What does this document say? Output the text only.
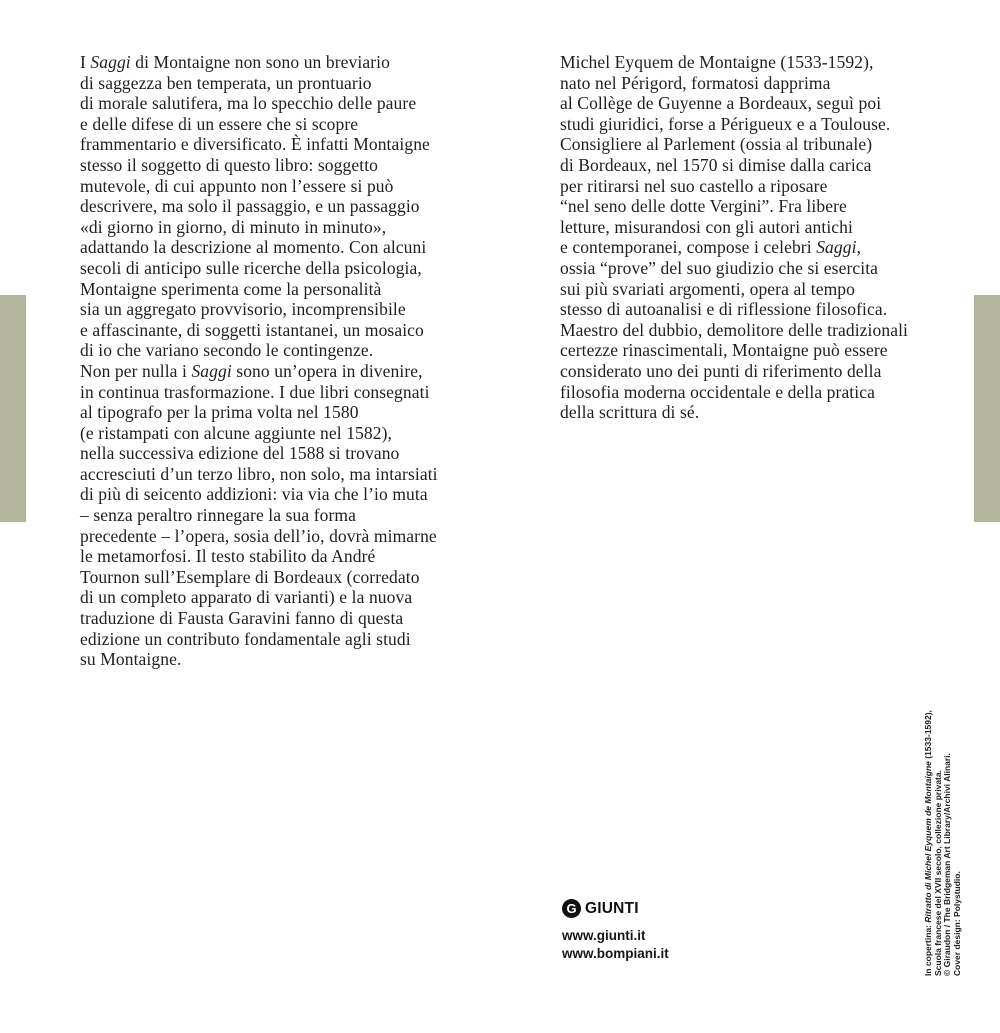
I Saggi di Montaigne non sono un breviario
di saggezza ben temperata, un prontuario
di morale salutifera, ma lo specchio delle paure
e delle difese di un essere che si scopre
frammentario e diversificato. È infatti Montaigne
stesso il soggetto di questo libro: soggetto
mutevole, di cui appunto non l’essere si può
descrivere, ma solo il passaggio, e un passaggio
«di giorno in giorno, di minuto in minuto»,
adattando la descrizione al momento. Con alcuni
secoli di anticipo sulle ricerche della psicologia,
Montaigne sperimenta come la personalità
sia un aggregato provvisorio, incomprensibile
e affascinante, di soggetti istantanei, un mosaico
di io che variano secondo le contingenze.
Non per nulla i Saggi sono un’opera in divenire,
in continua trasformazione. I due libri consegnati
al tipografo per la prima volta nel 1580
(e ristampati con alcune aggiunte nel 1582),
nella successiva edizione del 1588 si trovano
accresciuti d’un terzo libro, non solo, ma intarsiati
di più di seicento addizioni: via via che l’io muta
– senza peraltro rinnegare la sua forma
precedente – l’opera, sosia dell’io, dovrà mimarne
le metamorfosi. Il testo stabilito da André
Tournon sull’Esemplare di Bordeaux (corredato
di un completo apparato di varianti) e la nuova
traduzione di Fausta Garavini fanno di questa
edizione un contributo fondamentale agli studi
su Montaigne.
Michel Eyquem de Montaigne (1533-1592),
nato nel Périgord, formatosi dapprima
al Collège de Guyenne a Bordeaux, seguì poi
studi giuridici, forse a Périgueux e a Toulouse.
Consigliere al Parlement (ossia al tribunale)
di Bordeaux, nel 1570 si dimise dalla carica
per ritirarsi nel suo castello a riposare
“nel seno delle dotte Vergini”. Fra libere
letture, misurandosi con gli autori antichi
e contemporanei, compose i celebri Saggi,
ossia “prove” del suo giudizio che si esercita
sui più svariati argomenti, opera al tempo
stesso di autoanalisi e di riflessione filosofica.
Maestro del dubbio, demolitore delle tradizionali
certezze rinascimentali, Montaigne può essere
considerato uno dei punti di riferimento della
filosofia moderna occidentale e della pratica
della scrittura di sé.
G GIUNTI
www.giunti.it
www.bompiani.it	In copertina: Ritratto di Michel Eyquem de Montaigne (1533-1592),
Scuola francese del XVII secolo, collezione privata. © Giraudon / The Bridgeman Art Library/Archivi Alinari. Cover design: Polystudio.
